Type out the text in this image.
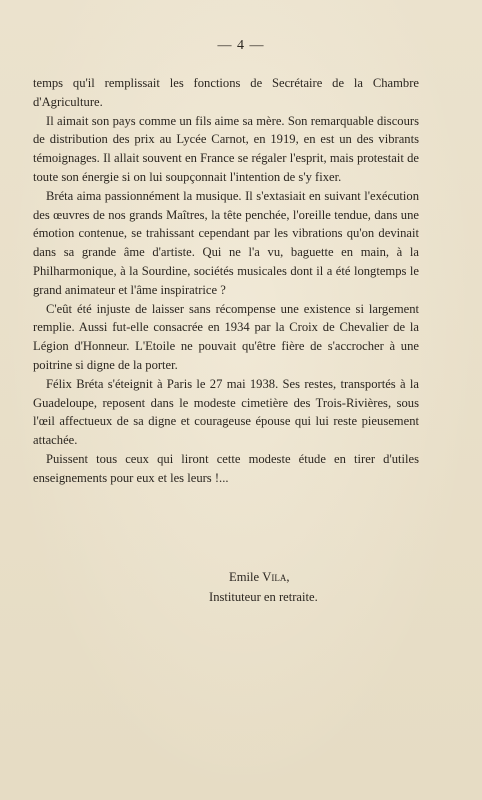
— 4 —

temps qu'il remplissait les fonctions de Secrétaire de la Chambre d'Agriculture.

Il aimait son pays comme un fils aime sa mère. Son remarquable discours de distribution des prix au Lycée Carnot, en 1919, en est un des vibrants témoignages. Il allait souvent en France se régaler l'esprit, mais protestait de toute son énergie si on lui soupçonnait l'intention de s'y fixer.

Bréta aima passionnément la musique. Il s'extasiait en suivant l'exécution des œuvres de nos grands Maîtres, la tête penchée, l'oreille tendue, dans une émotion contenue, se trahissant cependant par les vibrations qu'on devinait dans sa grande âme d'artiste. Qui ne l'a vu, baguette en main, à la Philharmonique, à la Sourdine, sociétés musicales dont il a été longtemps le grand animateur et l'âme inspiratrice ?

C'eût été injuste de laisser sans récompense une existence si largement remplie. Aussi fut-elle consacrée en 1934 par la Croix de Chevalier de la Légion d'Honneur. L'Etoile ne pouvait qu'être fière de s'accrocher à une poitrine si digne de la porter.

Félix Bréta s'éteignit à Paris le 27 mai 1938. Ses restes, transportés à la Guadeloupe, reposent dans le modeste cimetière des Trois-Rivières, sous l'œil affectueux de sa digne et courageuse épouse qui lui reste pieusement attachée.

Puissent tous ceux qui liront cette modeste étude en tirer d'utiles enseignements pour eux et les leurs !...

Emile Vila,
Instituteur en retraite.
